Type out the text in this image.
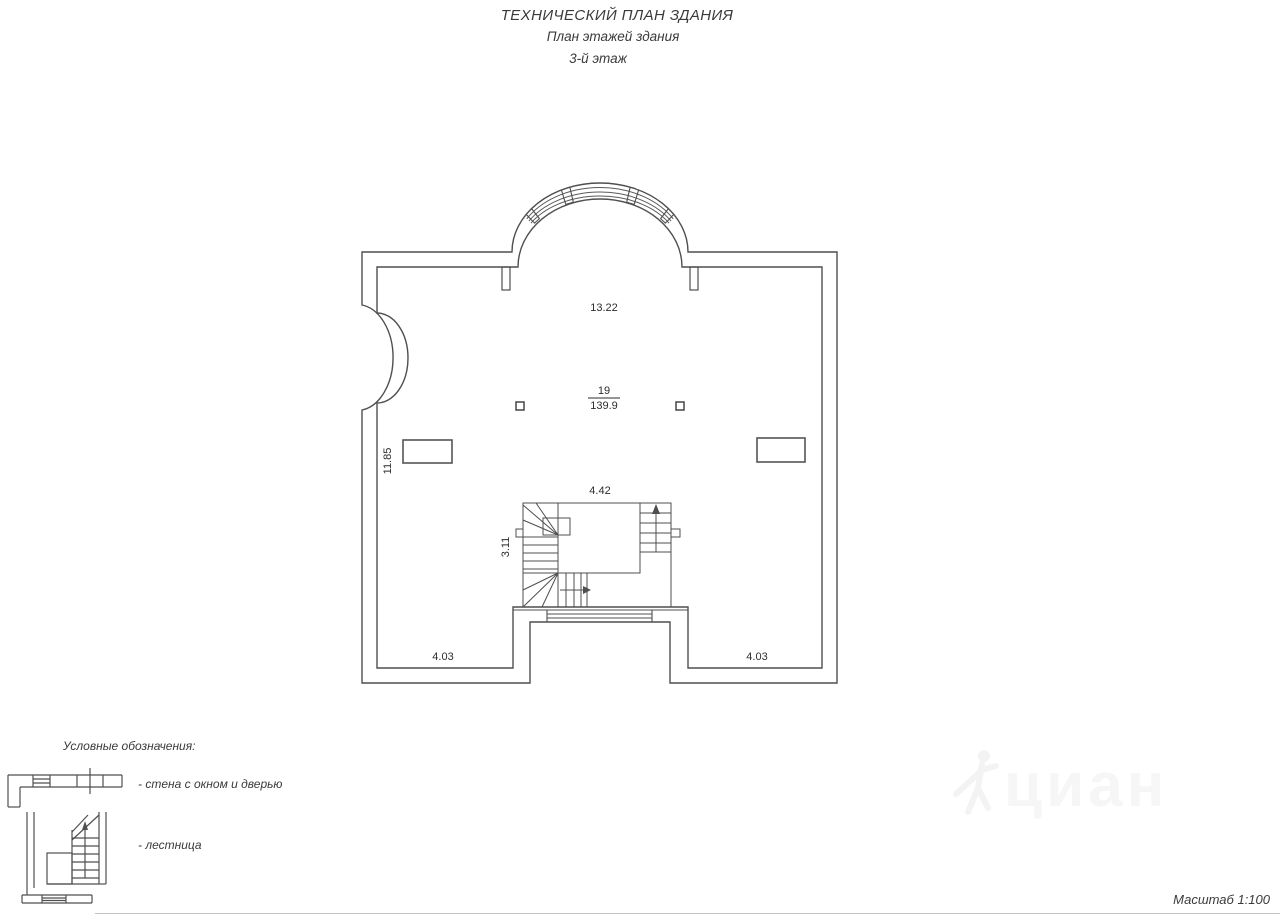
ТЕХНИЧЕСКИЙ ПЛАН ЗДАНИЯ
План этажей здания
3-й этаж
циан
13.22
11.85
4.42
3.11
4.03	4.03
19
139.9
Условные обозначения:
- стена с окном и дверью
- лестница
Масштаб 1:100
